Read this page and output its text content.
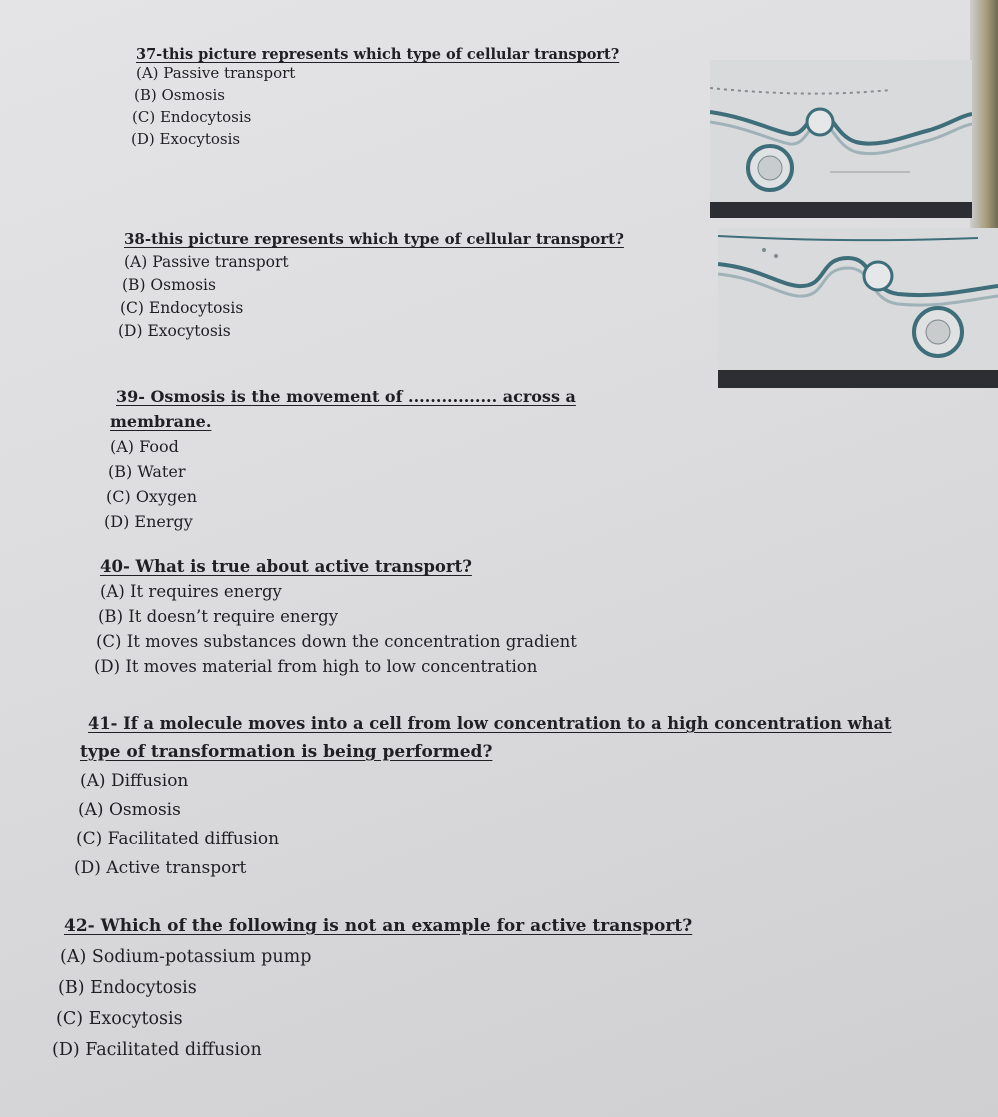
37-this picture represents which type of cellular transport?

(A) Passive transport

(B) Osmosis

(C) Endocytosis

(D) Exocytosis

38-this picture represents which type of cellular transport?

(A) Passive transport

(B) Osmosis

(C) Endocytosis

(D) Exocytosis

39- Osmosis is the movement of ................ across a

membrane.

(A) Food

(B) Water

(C) Oxygen

(D) Energy

40- What is true about active transport?

(A) It requires energy

(B) It doesn’t require energy

(C) It moves substances down the concentration gradient

(D) It moves material from high to low concentration

41- If a molecule moves into a cell from low concentration to a high concentration what

type of transformation is being performed?

(A) Diffusion

(A) Osmosis

(C) Facilitated diffusion

(D) Active transport

42- Which of the following is not an example for active transport?

(A) Sodium-potassium pump

(B) Endocytosis

(C) Exocytosis

(D) Facilitated diffusion
